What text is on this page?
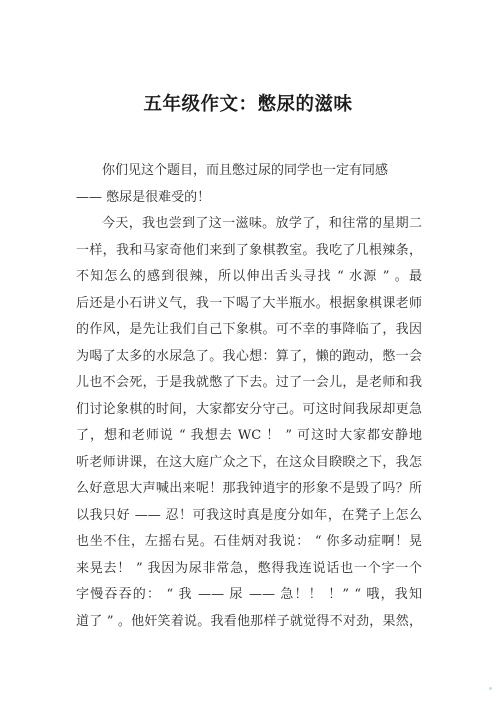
五年级作文：憋尿的滋味
你们见这个题目，而且憋过尿的同学也一定有同感
—— 憋尿是很难受的！
今天，我也尝到了这一滋味。放学了，和往常的星期二
一样，我和马家奇他们来到了象棋教室。我吃了几根辣条，
不知怎么的感到很辣，所以伸出舌头寻找 “ 水源 ” 。最
后还是小石讲义气，我一下喝了大半瓶水。根据象棋课老师
的作风，是先让我们自己下象棋。可不幸的事降临了，我因
为喝了太多的水尿急了。我心想：算了，懒的跑动，憋一会
儿也不会死，于是我就憋了下去。过了一会儿，是老师和我
们讨论象棋的时间，大家都安分守己。可这时间我尿却更急
了，想和老师说 “ 我想去 WC ！ ” 可这时大家都安静地
听老师讲课，在这大庭广众之下，在这众目睽睽之下，我怎
么好意思大声喊出来呢！那我钟逍宇的形象不是毁了吗？所
以我只好 —— 忍！可我这时真是度分如年，在凳子上怎么
也坐不住，左摇右晃。石佳炳对我说： “ 你多动症啊！晃
来晃去！ ” 我因为尿非常急，憋得我连说话也一个字一个
字慢吞吞的： “ 我 —— 尿 —— 急！！ ！” “ 哦，我知
道了 ” 。他奸笑着说。我看他那样子就觉得不对劲，果然，
